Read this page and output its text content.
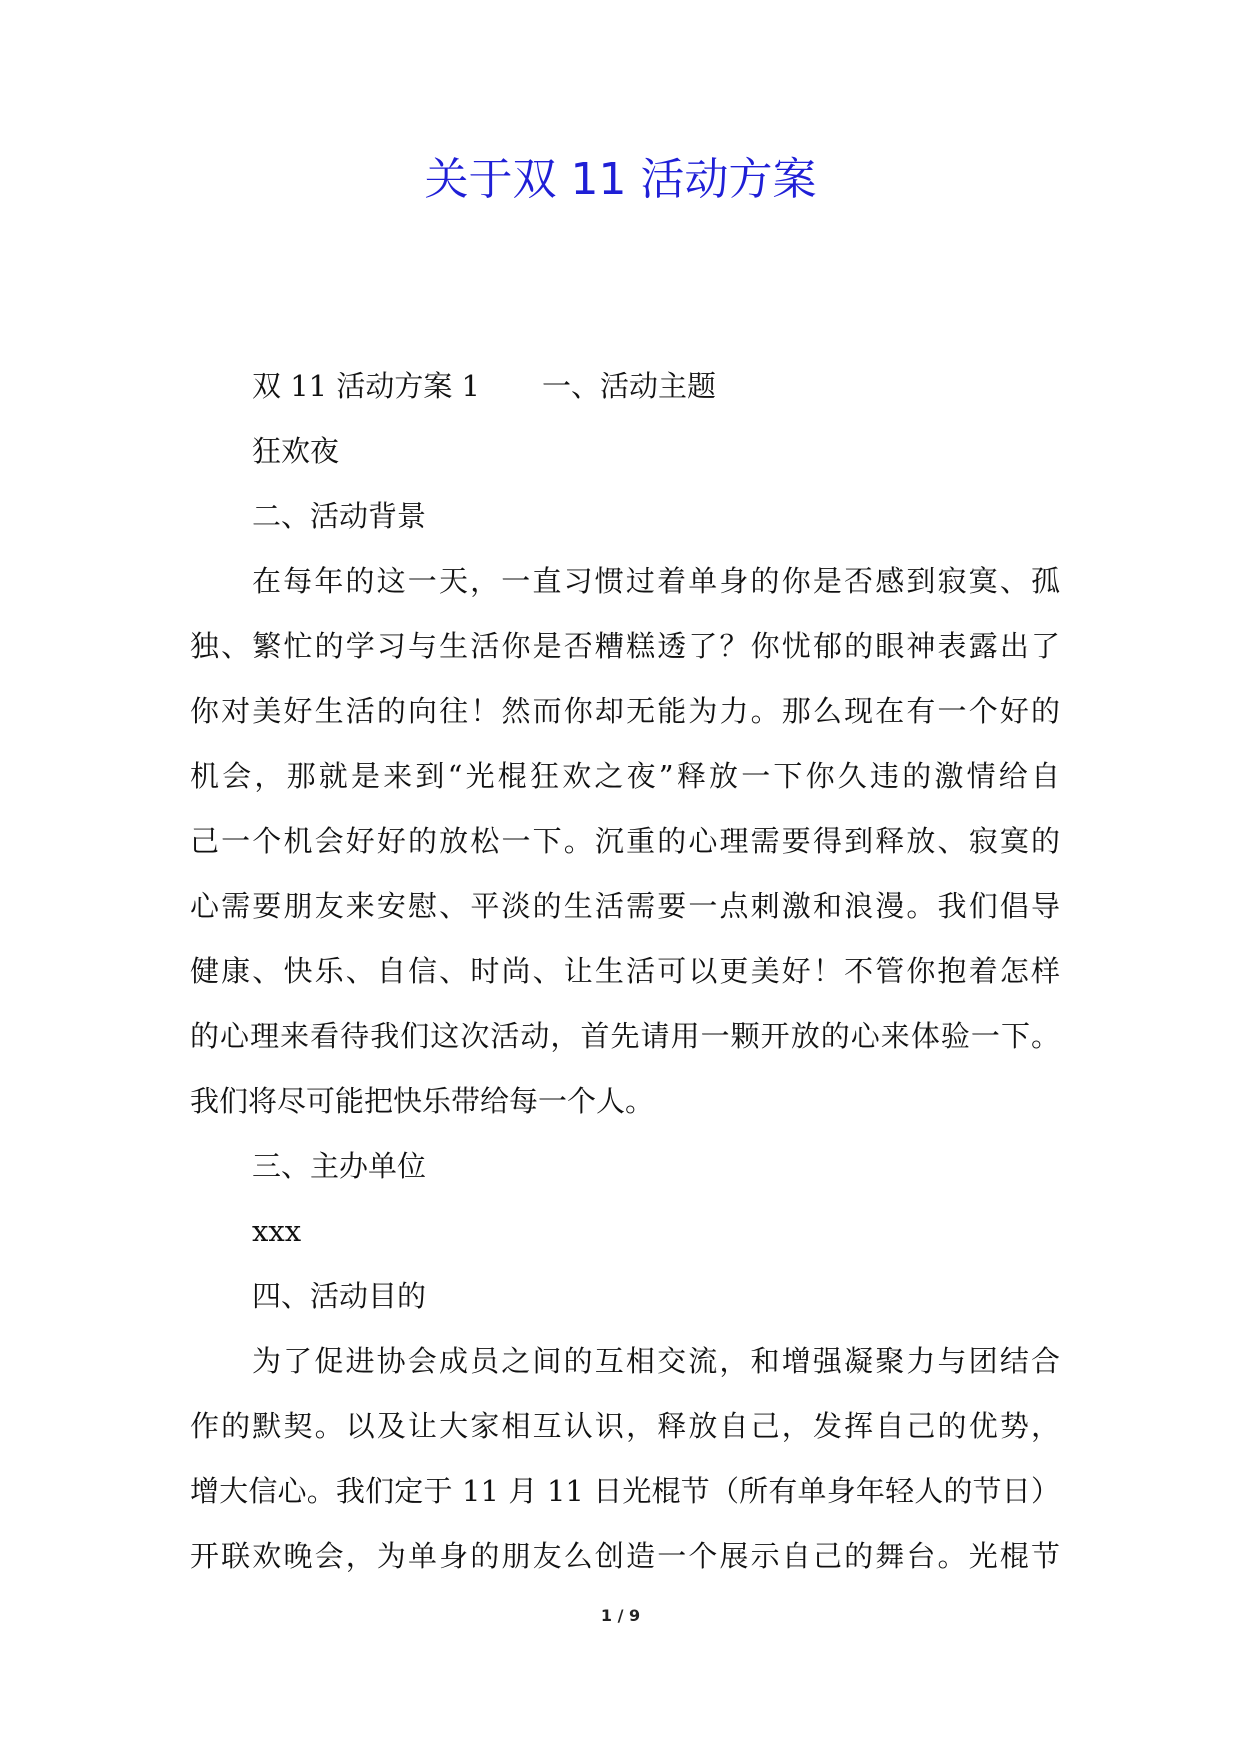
关于双 11 活动方案
双 11 活动方案 1 一、活动主题
狂欢夜
二、活动背景
在每年的这一天，一直习惯过着单身的你是否感到寂寞、孤
独、繁忙的学习与生活你是否糟糕透了？你忧郁的眼神表露出了
你对美好生活的向往！然而你却无能为力。那么现在有一个好的
机会，那就是来到“光棍狂欢之夜”释放一下你久违的激情给自
己一个机会好好的放松一下。沉重的心理需要得到释放、寂寞的
心需要朋友来安慰、平淡的生活需要一点刺激和浪漫。我们倡导
健康、快乐、自信、时尚、让生活可以更美好！不管你抱着怎样
的心理来看待我们这次活动，首先请用一颗开放的心来体验一下。
我们将尽可能把快乐带给每一个人。
三、主办单位
xxx
四、活动目的
为了促进协会成员之间的互相交流，和增强凝聚力与团结合
作的默契。以及让大家相互认识，释放自己，发挥自己的优势，
增大信心。我们定于 11 月 11 日光棍节（所有单身年轻人的节日）
开联欢晚会，为单身的朋友么创造一个展示自己的舞台。光棍节
1 / 9
